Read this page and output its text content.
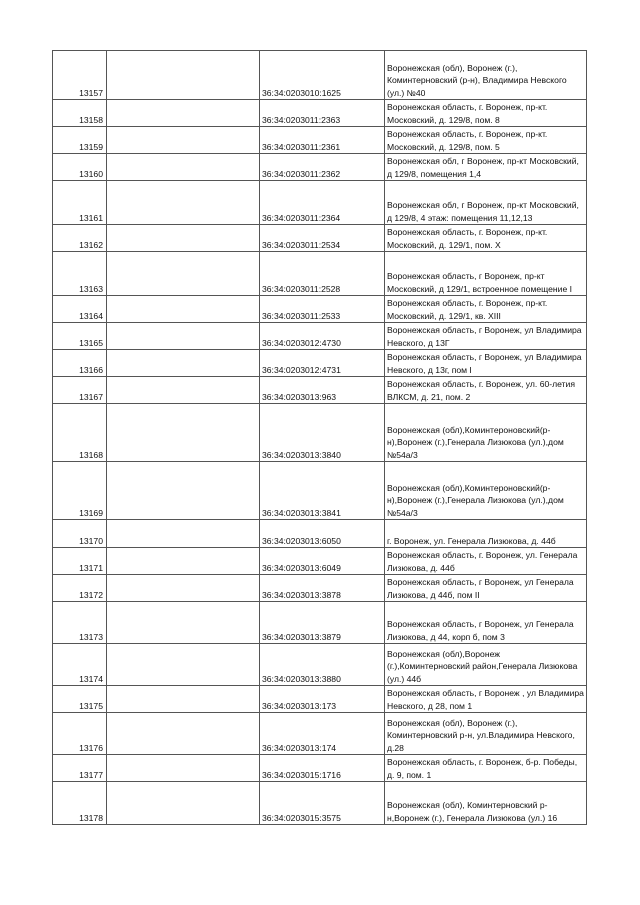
13157		36:34:0203010:1625	Воронежская (обл), Воронеж (г.), Коминтерновский (р-н), Владимира Невского (ул.) №40
13158		36:34:0203011:2363	Воронежская область, г. Воронеж, пр-кт. Московский, д. 129/8, пом. 8
13159		36:34:0203011:2361	Воронежская область, г. Воронеж, пр-кт. Московский, д. 129/8, пом. 5
13160		36:34:0203011:2362	Воронежская обл, г Воронеж, пр-кт Московский, д 129/8, помещения 1,4
13161		36:34:0203011:2364	Воронежская обл, г Воронеж, пр-кт Московский, д 129/8, 4 этаж: помещения 11,12,13
13162		36:34:0203011:2534	Воронежская область, г. Воронеж, пр-кт. Московский, д. 129/1, пом. X
13163		36:34:0203011:2528	Воронежская область, г Воронеж, пр-кт Московский, д 129/1, встроенное помещение I
13164		36:34:0203011:2533	Воронежская область, г. Воронеж, пр-кт. Московский, д. 129/1, кв. XIII
13165		36:34:0203012:4730	Воронежская область, г Воронеж, ул Владимира Невского, д 13Г
13166		36:34:0203012:4731	Воронежская область, г Воронеж, ул Владимира Невского, д 13г, пом I
13167		36:34:0203013:963	Воронежская область, г. Воронеж, ул. 60-летия ВЛКСМ, д. 21, пом. 2
13168		36:34:0203013:3840	Воронежская (обл),Коминтероновский(р-н),Воронеж (г.),Генерала Лизюкова (ул.),дом №54а/3
13169		36:34:0203013:3841	Воронежская (обл),Коминтероновский(р-н),Воронеж (г.),Генерала Лизюкова (ул.),дом №54а/3
13170		36:34:0203013:6050	г. Воронеж, ул. Генерала Лизюкова, д. 44б
13171		36:34:0203013:6049	Воронежская область, г. Воронеж, ул. Генерала Лизюкова, д. 44б
13172		36:34:0203013:3878	Воронежская область, г Воронеж, ул Генерала Лизюкова, д 44б, пом II
13173		36:34:0203013:3879	Воронежская область, г Воронеж, ул Генерала Лизюкова, д 44, корп б, пом 3
13174		36:34:0203013:3880	Воронежская (обл),Воронеж (г.),Коминтерновский район,Генерала Лизюкова (ул.) 44б
13175		36:34:0203013:173	Воронежская область, г Воронеж , ул Владимира Невского, д 28, пом 1
13176		36:34:0203013:174	Воронежская (обл), Воронеж (г.), Коминтерновский р-н, ул.Владимира Невского, д.28
13177		36:34:0203015:1716	Воронежская область, г. Воронеж, б-р. Победы, д. 9, пом. 1
13178		36:34:0203015:3575	Воронежская (обл), Коминтерновский р-н,Воронеж (г.), Генерала Лизюкова (ул.) 16
